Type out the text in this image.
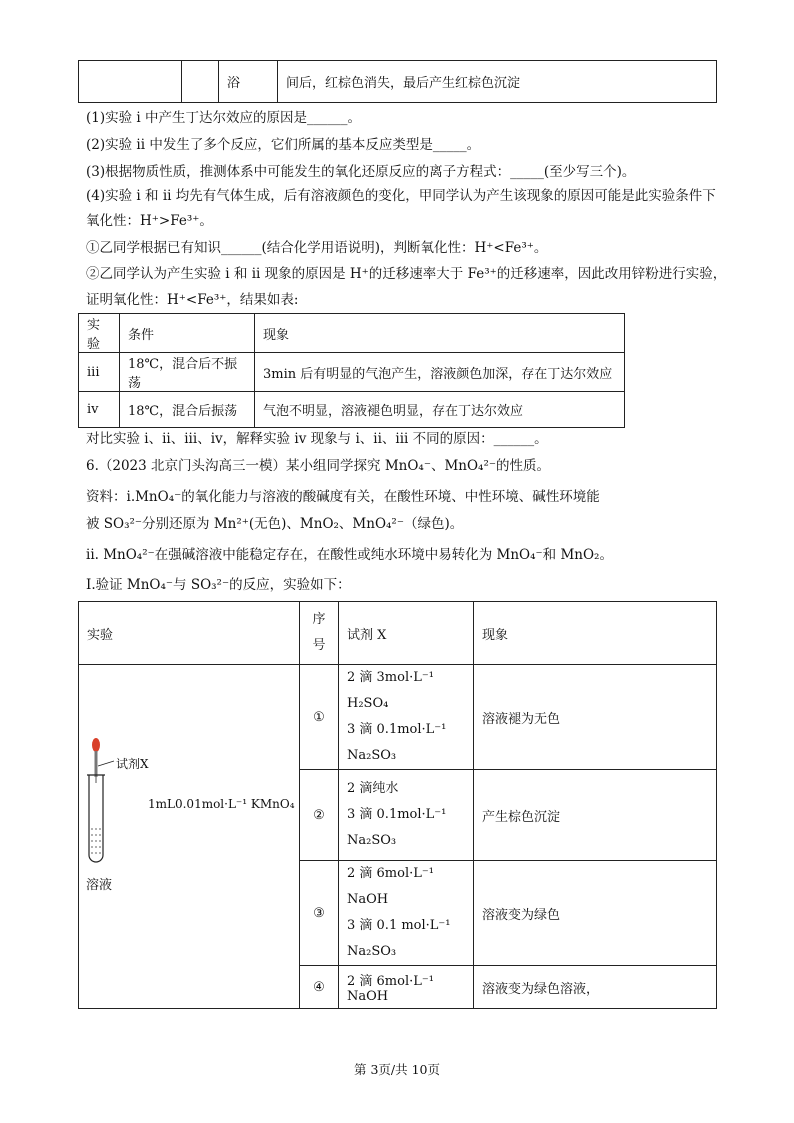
		浴	间后，红棕色消失，最后产生红棕色沉淀
(1)实验 i 中产生丁达尔效应的原因是______。
(2)实验 ii 中发生了多个反应，它们所属的基本反应类型是_____。
(3)根据物质性质，推测体系中可能发生的氧化还原反应的离子方程式：_____(至少写三个)。
(4)实验 i 和 ii 均先有气体生成，后有溶液颜色的变化，甲同学认为产生该现象的原因可能是此实验条件下
氧化性：H⁺>Fe³⁺。
①乙同学根据已有知识______(结合化学用语说明)，判断氧化性：H⁺<Fe³⁺。
②乙同学认为产生实验 i 和 ii 现象的原因是 H⁺的迁移速率大于 Fe³⁺的迁移速率，因此改用锌粉进行实验，
证明氧化性：H⁺<Fe³⁺，结果如表:
实验	条件	现象
iii	18℃，混合后不振荡	3min 后有明显的气泡产生，溶液颜色加深，存在丁达尔效应
iv	18℃，混合后振荡	气泡不明显，溶液褪色明显，存在丁达尔效应
对比实验 i、ii、iii、iv，解释实验 iv 现象与 i、ii、iii 不同的原因：______。
6.（2023 北京门头沟高三一模）某小组同学探究 MnO₄⁻、MnO₄²⁻的性质。
资料：i.MnO₄⁻的氧化能力与溶液的酸碱度有关，在酸性环境、中性环境、碱性环境能
被 SO₃²⁻分别还原为 Mn²⁺(无色)、MnO₂、MnO₄²⁻（绿色)。
ii. MnO₄²⁻在强碱溶液中能稳定存在，在酸性或纯水环境中易转化为 MnO₄⁻和 MnO₂。
I.验证 MnO₄⁻与 SO₃²⁻的反应，实验如下：
实验	序号	试剂 X	现象
	①	2 滴 3mol·L⁻¹ H₂SO₄
3 滴 0.1mol·L⁻¹
Na₂SO₃	溶液褪为无色
	②	2 滴纯水
3 滴 0.1mol·L⁻¹
Na₂SO₃	产生棕色沉淀
	③	2 滴 6mol·L⁻¹ NaOH
3 滴 0.1 mol·L⁻¹
Na₂SO₃	溶液变为绿色
	④	2 滴 6mol·L⁻¹ NaOH	溶液变为绿色溶液，
试剂X
1mL0.01mol·L⁻¹ KMnO₄
溶液
第 3页/共 10页
